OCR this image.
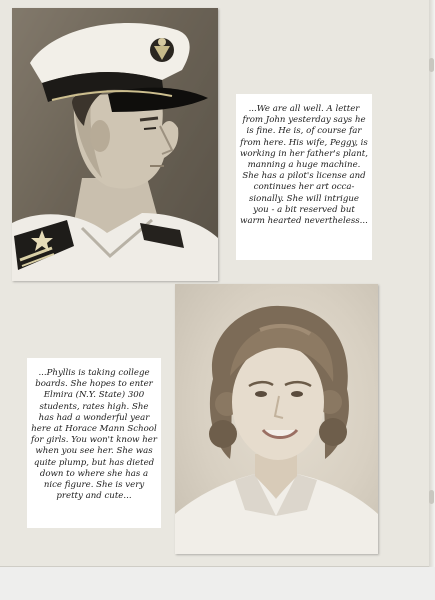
...We are all well. A letter from John yesterday says he is fine. He is, of course far from here. His wife, Peggy, is working in her father's plant, manning a huge machine. She has a pilot's license and continues her art occa-sionally. She will intrigue you - a bit reserved but warm hearted nevertheless...
...Phyllis is taking college boards. She hopes to enter Elmira (N.Y. State) 300 students, rates high. She has had a wonderful year here at Horace Mann School for girls. You won't know her when you see her. She was quite plump, but has dieted down to where she has a nice figure. She is very pretty and cute...
